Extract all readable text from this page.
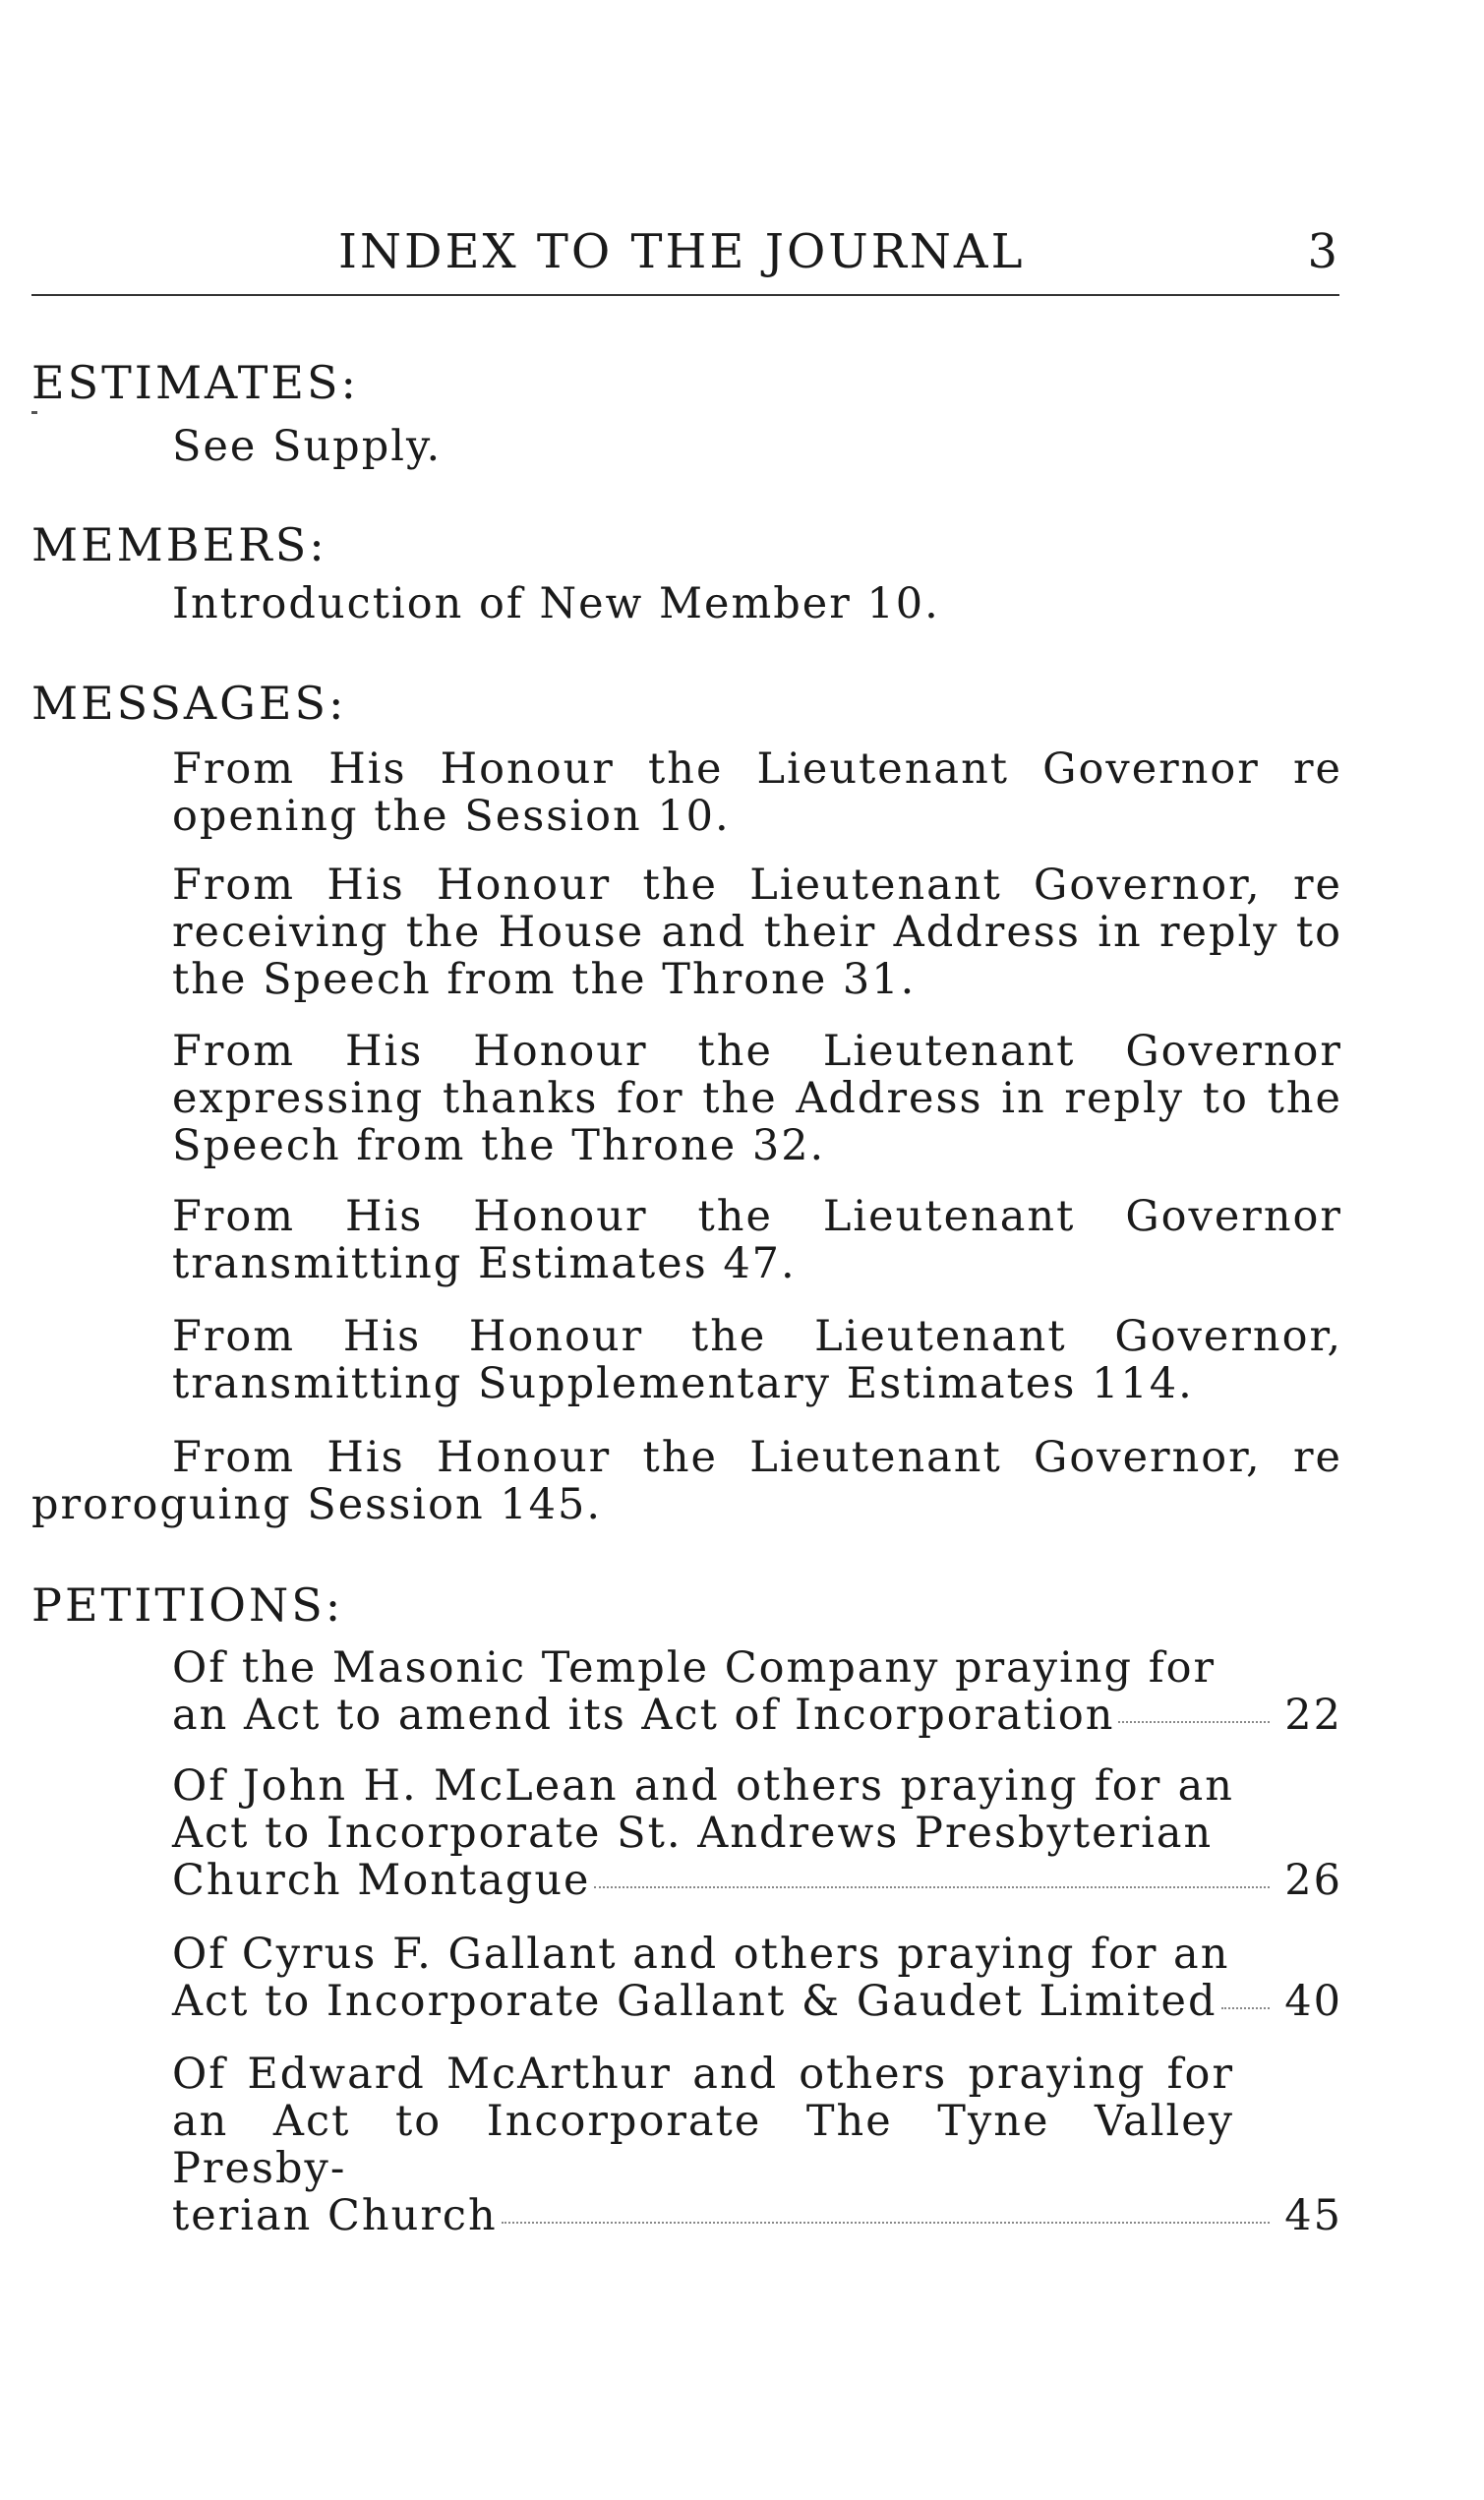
INDEX TO THE JOURNAL	3
ESTIMATES:
See Supply.
MEMBERS:
Introduction of New Member 10.
MESSAGES:
From His Honour the Lieutenant Governor re opening the Session 10.
From His Honour the Lieutenant Governor, re receiving the House and their Address in reply to the Speech from the Throne 31.
From His Honour the Lieutenant Governor expressing thanks for the Address in reply to the Speech from the Throne 32.
From His Honour the Lieutenant Governor transmitting Estimates 47.
From His Honour the Lieutenant Governor, transmitting Supplementary Estimates 114.
From His Honour the Lieutenant Governor, re proroguing Session 145.
PETITIONS:
Of the Masonic Temple Company praying for
an Act to amend its Act of Incorporation	22
Of John H. McLean and others praying for an Act to Incorporate St. Andrews Presbyterian
Church Montague	26
Of Cyrus F. Gallant and others praying for an
Act to Incorporate Gallant & Gaudet Limited 40
Of Edward McArthur and others praying for an Act to Incorporate The Tyne Valley Presby-
terian Church	45
